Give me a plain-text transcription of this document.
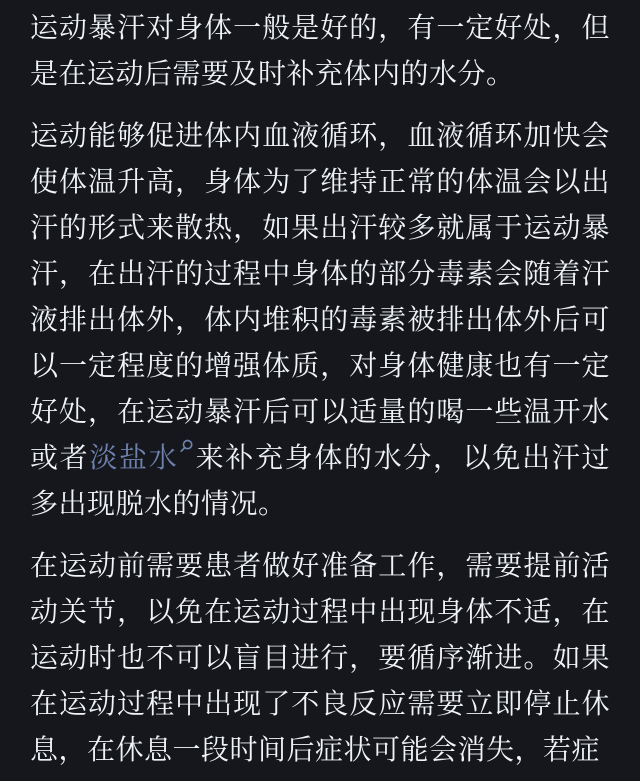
运动暴汗对身体一般是好的，有一定好处，但是在运动后需要及时补充体内的水分。

运动能够促进体内血液循环，血液循环加快会使体温升高，身体为了维持正常的体温会以出汗的形式来散热，如果出汗较多就属于运动暴汗，在出汗的过程中身体的部分毒素会随着汗液排出体外，体内堆积的毒素被排出体外后可以一定程度的增强体质，对身体健康也有一定好处，在运动暴汗后可以适量的喝一些温开水或者淡盐水 来补充身体的水分，以免出汗过多出现脱水的情况。

在运动前需要患者做好准备工作，需要提前活动关节，以免在运动过程中出现身体不适，在运动时也不可以盲目进行，要循序渐进。如果在运动过程中出现了不良反应需要立即停止休息，在休息一段时间后症状可能会消失，若症
